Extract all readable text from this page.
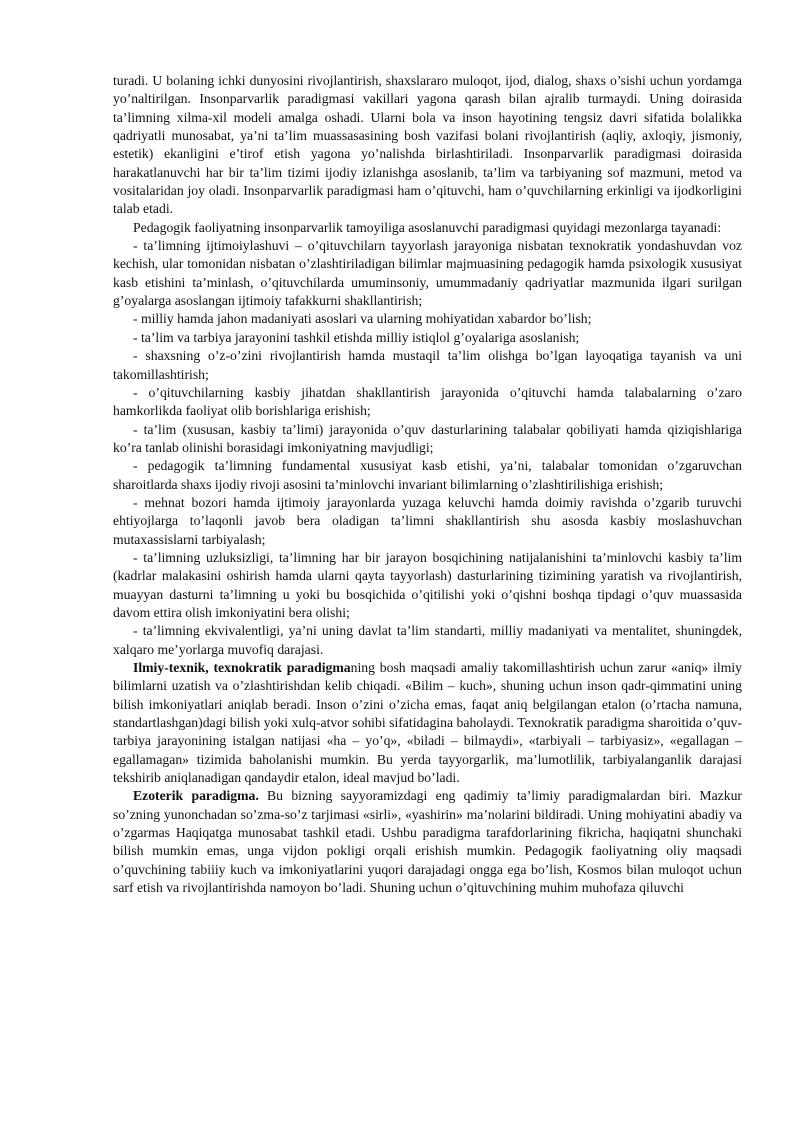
turadi. U bolaning ichki dunyosini rivojlantirish, shaxslararo muloqot, ijod, dialog, shaxs o’sishi uchun yordamga yo’naltirilgan. Insonparvarlik paradigmasi vakillari yagona qarash bilan ajralib turmaydi. Uning doirasida ta’limning xilma-xil modeli amalga oshadi. Ularni bola va inson hayotining tengsiz davri sifatida bolalikka qadriyatli munosabat, ya’ni ta’lim muassasasining bosh vazifasi bolani rivojlantirish (aqliy, axloqiy, jismoniy, estetik) ekanligini e’tirof etish yagona yo’nalishda birlashtiriladi. Insonparvarlik paradigmasi doirasida harakatlanuvchi har bir ta’lim tizimi ijodiy izlanishga asoslanib, ta’lim va tarbiyaning sof mazmuni, metod va vositalaridan joy oladi. Insonparvarlik paradigmasi ham o’qituvchi, ham o’quvchilarning erkinligi va ijodkorligini talab etadi.

Pedagogik faoliyatning insonparvarlik tamoyiliga asoslanuvchi paradigmasi quyidagi mezonlarga tayanadi:

- ta’limning ijtimoiylashuvi – o’qituvchilarn tayyorlash jarayoniga nisbatan texnokratik yondashuvdan voz kechish, ular tomonidan nisbatan o’zlashtiriladigan bilimlar majmuasining pedagogik hamda psixologik xususiyat kasb etishini ta’minlash, o’qituvchilarda umuminsoniy, umummadaniy qadriyatlar mazmunida ilgari surilgan g’oyalarga asoslangan ijtimoiy tafakkurni shakllantirish;

- milliy hamda jahon madaniyati asoslari va ularning mohiyatidan xabardor bo’lish;

- ta’lim va tarbiya jarayonini tashkil etishda milliy istiqlol g’oyalariga asoslanish;

- shaxsning o’z-o’zini rivojlantirish hamda mustaqil ta’lim olishga bo’lgan layoqatiga tayanish va uni takomillashtirish;

- o’qituvchilarning kasbiy jihatdan shakllantirish jarayonida o’qituvchi hamda talabalarning o’zaro hamkorlikda faoliyat olib borishlariga erishish;

- ta’lim (xususan, kasbiy ta’limi) jarayonida o’quv dasturlarining talabalar qobiliyati hamda qiziqishlariga ko’ra tanlab olinishi borasidagi imkoniyatning mavjudligi;

- pedagogik ta’limning fundamental xususiyat kasb etishi, ya’ni, talabalar tomonidan o’zgaruvchan sharoitlarda shaxs ijodiy rivoji asosini ta’minlovchi invariant bilimlarning o’zlashtirilishiga erishish;

- mehnat bozori hamda ijtimoiy jarayonlarda yuzaga keluvchi hamda doimiy ravishda o’zgarib turuvchi ehtiyojlarga to’laqonli javob bera oladigan ta’limni shakllantirish shu asosda kasbiy moslashuvchan mutaxassislarni tarbiyalash;

- ta’limning uzluksizligi, ta’limning har bir jarayon bosqichining natijalanishini ta’minlovchi kasbiy ta’lim (kadrlar malakasini oshirish hamda ularni qayta tayyorlash) dasturlarining tizimining yaratish va rivojlantirish, muayyan dasturni ta’limning u yoki bu bosqichida o’qitilishi yoki o’qishni boshqa tipdagi o’quv muassasida davom ettira olish imkoniyatini bera olishi;

- ta’limning ekvivalentligi, ya’ni uning davlat ta’lim standarti, milliy madaniyati va mentalitet, shuningdek, xalqaro me’yorlarga muvofiq darajasi.

Ilmiy-texnik, texnokratik paradigmaning bosh maqsadi amaliy takomillashtirish uchun zarur «aniq» ilmiy bilimlarni uzatish va o’zlashtirishdan kelib chiqadi. «Bilim – kuch», shuning uchun inson qadr-qimmatini uning bilish imkoniyatlari aniqlab beradi. Inson o’zini o’zicha emas, faqat aniq belgilangan etalon (o’rtacha namuna, standartlashgan)dagi bilish yoki xulq-atvor sohibi sifatidagina baholaydi. Texnokratik paradigma sharoitida o’quv-tarbiya jarayonining istalgan natijasi «ha – yo’q», «biladi – bilmaydi», «tarbiyali – tarbiyasiz», «egallagan – egallamagan» tizimida baholanishi mumkin. Bu yerda tayyorgarlik, ma’lumotlilik, tarbiyalanganlik darajasi tekshirib aniqlanadigan qandaydir etalon, ideal mavjud bo’ladi.

Ezoterik paradigma. Bu bizning sayyoramizdagi eng qadimiy ta’limiy paradigmalardan biri. Mazkur so’zning yunonchadan so’zma-so’z tarjimasi «sirli», «yashirin» ma’nolarini bildiradi. Uning mohiyatini abadiy va o’zgarmas Haqiqatga munosabat tashkil etadi. Ushbu paradigma tarafdorlarining fikricha, haqiqatni shunchaki bilish mumkin emas, unga vijdon pokligi orqali erishish mumkin. Pedagogik faoliyatning oliy maqsadi o’quvchining tabiiiy kuch va imkoniyatlarini yuqori darajadagi ongga ega bo’lish, Kosmos bilan muloqot uchun sarf etish va rivojlantirishda namoyon bo’ladi. Shuning uchun o’qituvchining muhim muhofaza qiluvchi
